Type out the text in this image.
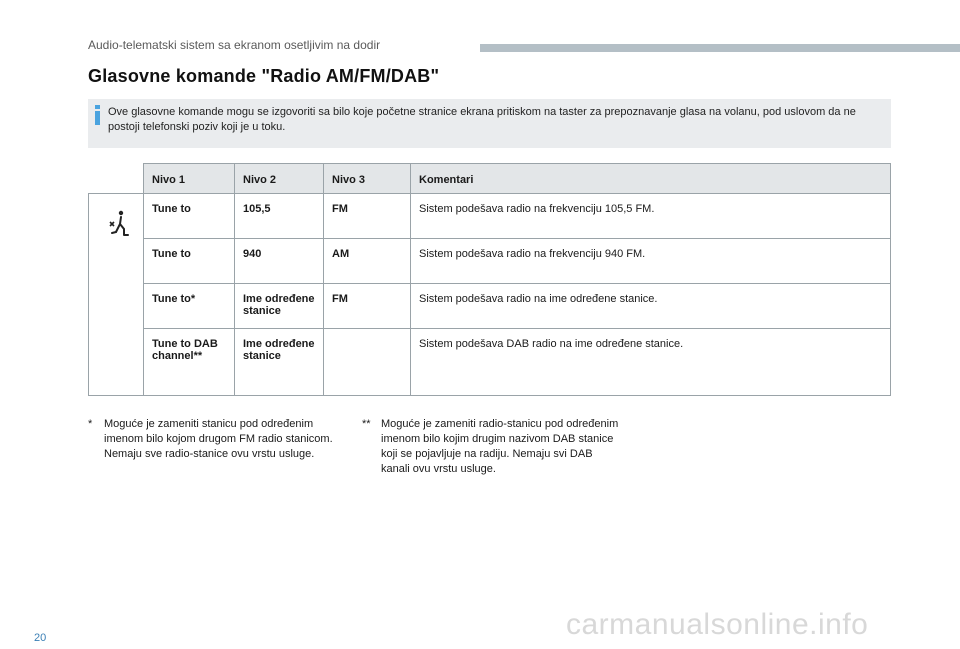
Audio-telematski sistem sa ekranom osetljivim na dodir
Glasovne komande "Radio AM/FM/DAB"
Ove glasovne komande mogu se izgovoriti sa bilo koje početne stranice ekrana pritiskom na taster za prepoznavanje glasa na volanu, pod uslovom da ne postoji telefonski poziv koji je u toku.
	Nivo 1	Nivo 2	Nivo 3	Komentari

	Tune to	105,5	FM	Sistem podešava radio na frekvenciju 105,5 FM.
	Tune to	940	AM	Sistem podešava radio na frekvenciju 940 FM.
	Tune to*	Ime određene stanice	FM	Sistem podešava radio na ime određene stanice.
	Tune to DAB channel**	Ime određene stanice		Sistem podešava DAB radio na ime određene stanice.
* Moguće je zameniti stanicu pod određenim imenom bilo kojom drugom FM radio stanicom. Nemaju sve radio-stanice ovu vrstu usluge.
** Moguće je zameniti radio-stanicu pod određenim imenom bilo kojim drugim nazivom DAB stanice koji se pojavljuje na radiju. Nemaju svi DAB kanali ovu vrstu usluge.
20	carmanualsonline.info
